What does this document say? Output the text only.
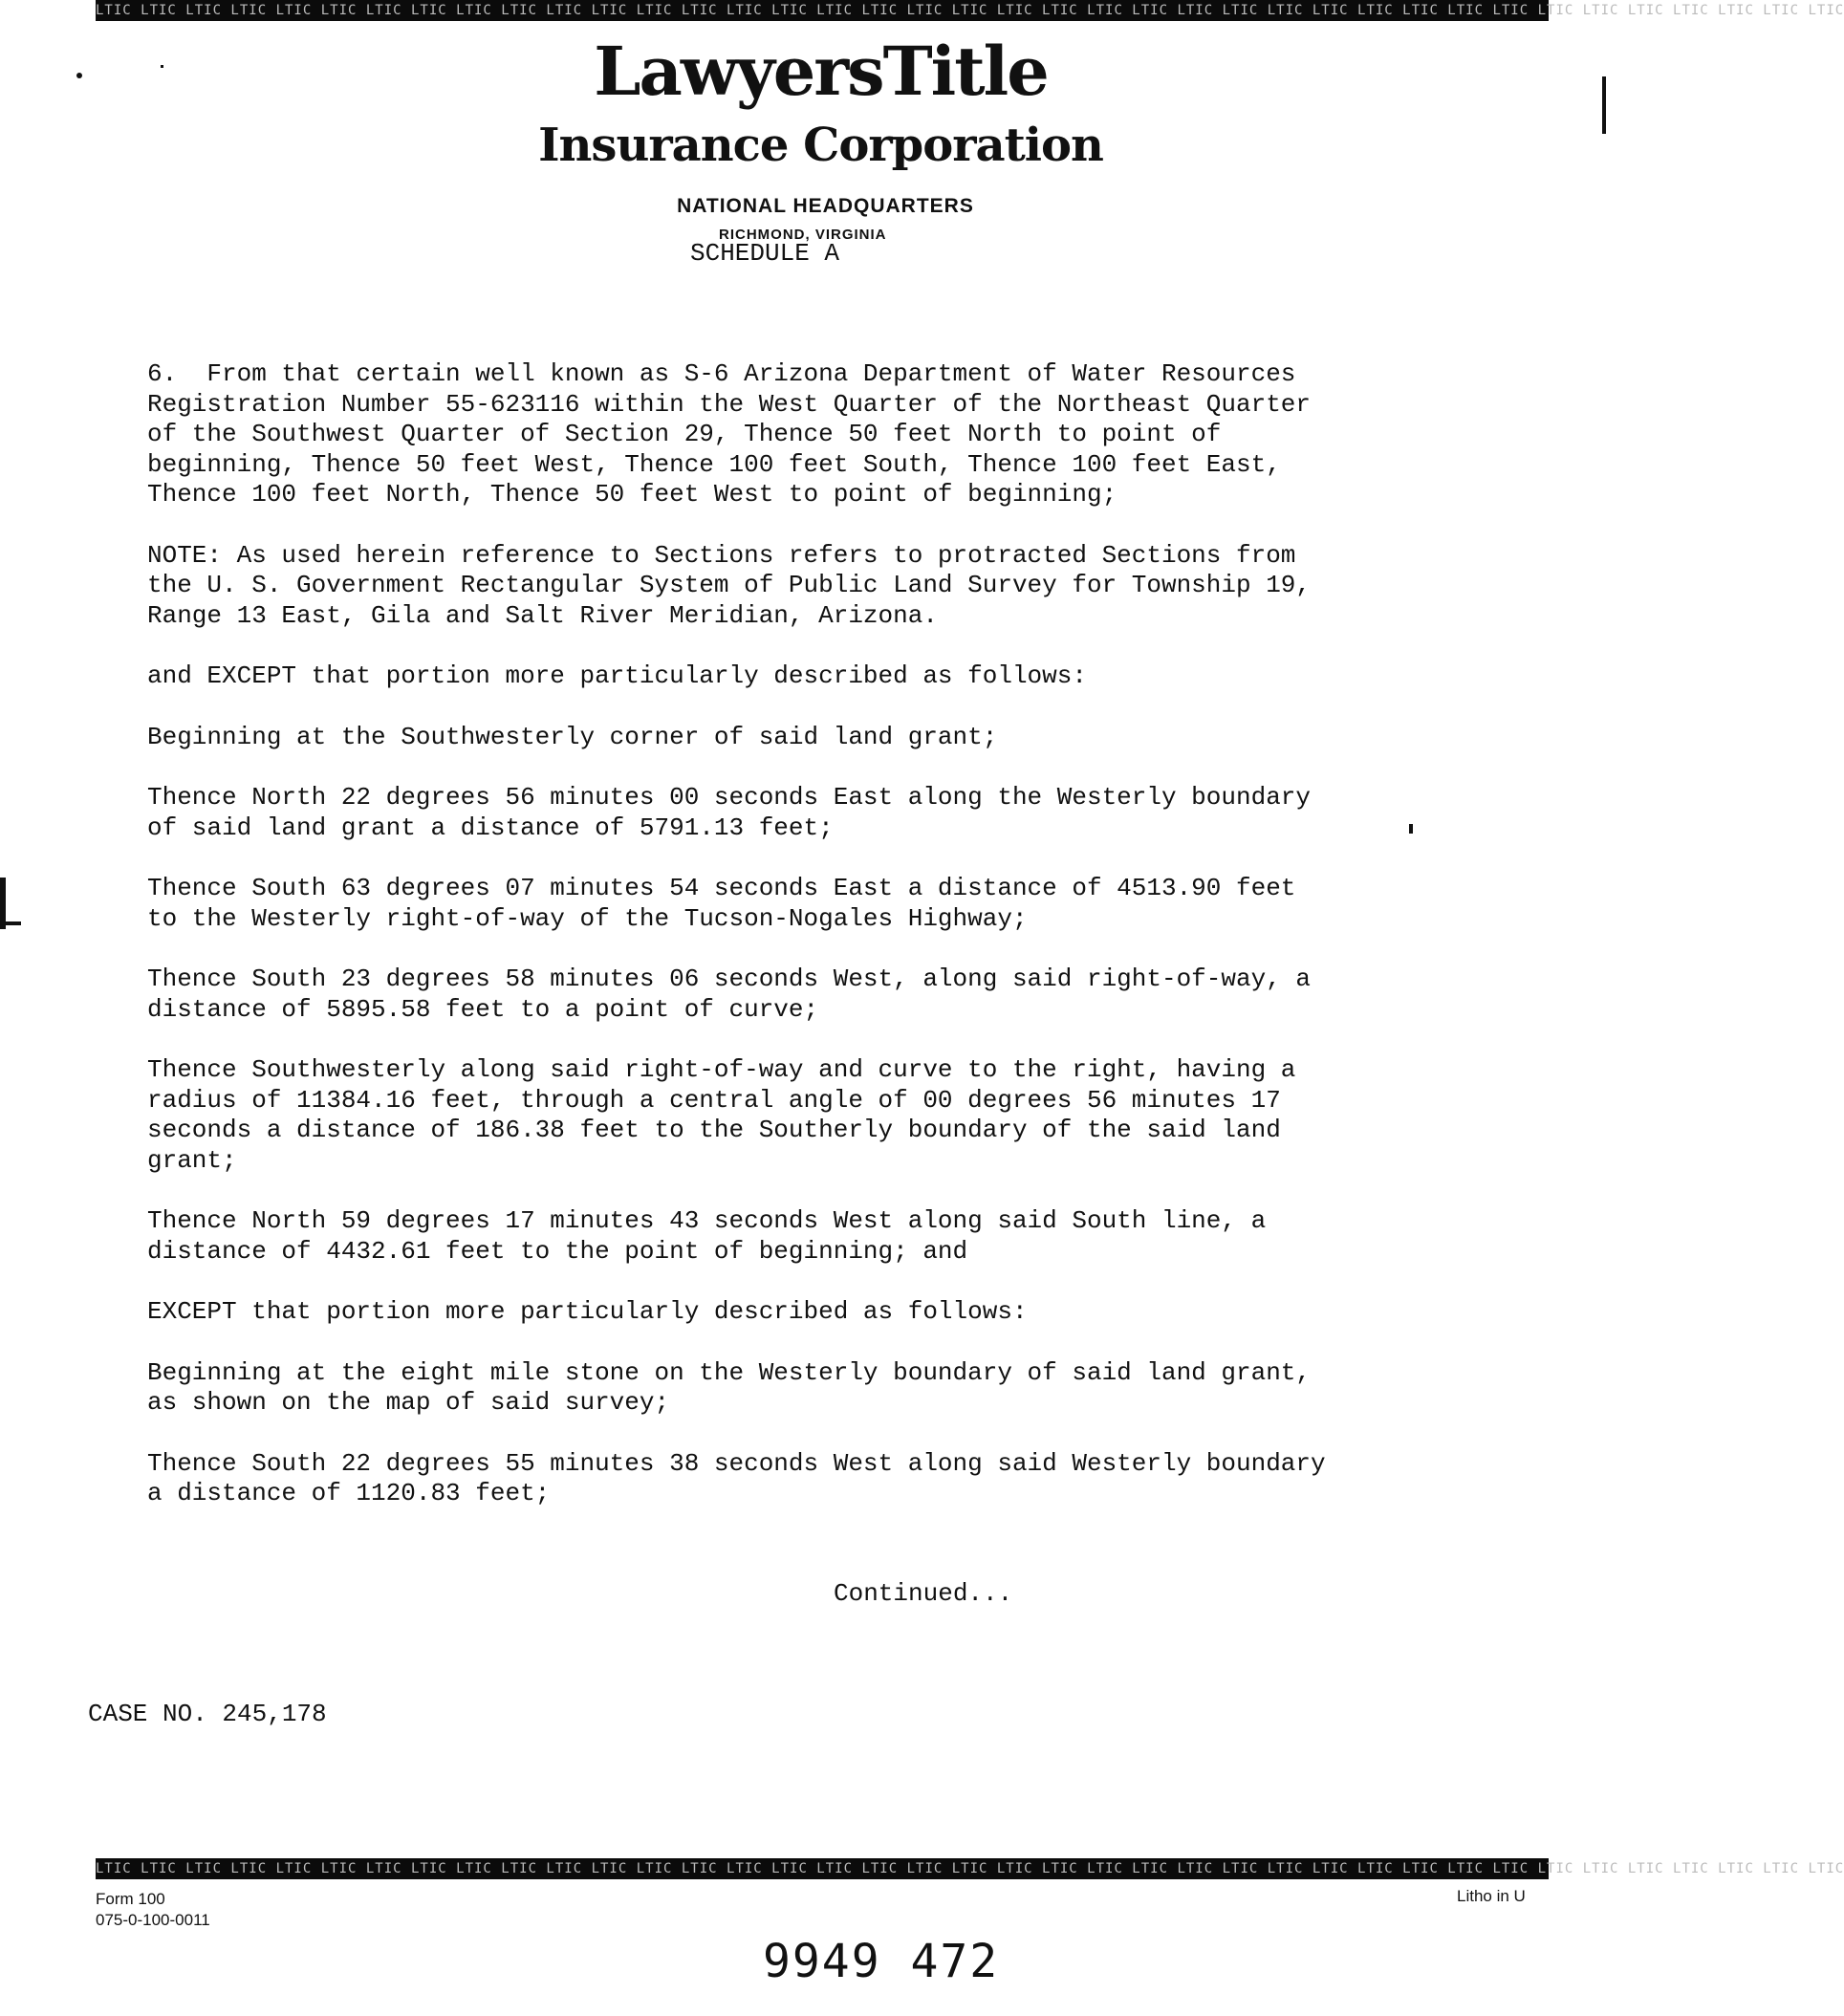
LTIC LTIC LTIC LTIC LTIC LTIC LTIC LTIC LTIC LTIC LTIC LTIC LTIC LTIC LTIC LTIC LTIC LTIC LTIC LTIC LTIC LTIC LTIC LTIC LTIC LTIC LTIC LTIC LTIC LTIC LTIC LTIC LTIC LTIC LTIC LTIC LTIC LTIC LTIC
LawyersTitle
Insurance Corporation
NATIONAL HEADQUARTERS
RICHMOND, VIRGINIA
SCHEDULE A

6.  From that certain well known as S-6 Arizona Department of Water Resources
Registration Number 55-623116 within the West Quarter of the Northeast Quarter
of the Southwest Quarter of Section 29, Thence 50 feet North to point of
beginning, Thence 50 feet West, Thence 100 feet South, Thence 100 feet East,
Thence 100 feet North, Thence 50 feet West to point of beginning;

NOTE: As used herein reference to Sections refers to protracted Sections from
the U. S. Government Rectangular System of Public Land Survey for Township 19,
Range 13 East, Gila and Salt River Meridian, Arizona.

and EXCEPT that portion more particularly described as follows:

Beginning at the Southwesterly corner of said land grant;

Thence North 22 degrees 56 minutes 00 seconds East along the Westerly boundary
of said land grant a distance of 5791.13 feet;

Thence South 63 degrees 07 minutes 54 seconds East a distance of 4513.90 feet
to the Westerly right-of-way of the Tucson-Nogales Highway;

Thence South 23 degrees 58 minutes 06 seconds West, along said right-of-way, a
distance of 5895.58 feet to a point of curve;

Thence Southwesterly along said right-of-way and curve to the right, having a
radius of 11384.16 feet, through a central angle of 00 degrees 56 minutes 17
seconds a distance of 186.38 feet to the Southerly boundary of the said land
grant;

Thence North 59 degrees 17 minutes 43 seconds West along said South line, a
distance of 4432.61 feet to the point of beginning; and

EXCEPT that portion more particularly described as follows:

Beginning at the eight mile stone on the Westerly boundary of said land grant,
as shown on the map of said survey;

Thence South 22 degrees 55 minutes 38 seconds West along said Westerly boundary
a distance of 1120.83 feet;

Continued...
CASE NO. 245,178
LTIC LTIC LTIC LTIC LTIC LTIC LTIC LTIC LTIC LTIC LTIC LTIC LTIC LTIC LTIC LTIC LTIC LTIC LTIC LTIC LTIC LTIC LTIC LTIC LTIC LTIC LTIC LTIC LTIC LTIC LTIC LTIC LTIC LTIC LTIC LTIC LTIC LTIC LTIC
Form 100
075-0-100-0011
Litho in U
9949 472
